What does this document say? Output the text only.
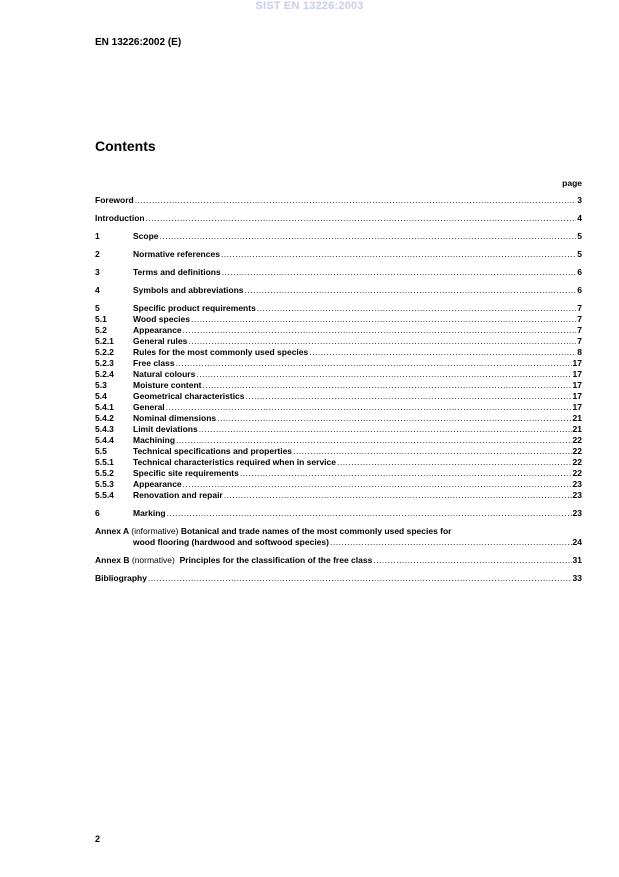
SIST EN 13226:2003
EN 13226:2002 (E)
Contents
page
Foreword .....	3
Introduction .....	4
1	Scope .....	5
2	Normative references .....	5
3	Terms and definitions .....	6
4	Symbols and abbreviations .....	6
5	Specific product requirements .....	7
5.1	Wood species .....	7
5.2	Appearance .....	7
5.2.1	General rules .....	7
5.2.2	Rules for the most commonly used species .....	8
5.2.3	Free class .....	17
5.2.4	Natural colours .....	17
5.3	Moisture content .....	17
5.4	Geometrical characteristics .....	17
5.4.1	General .....	17
5.4.2	Nominal dimensions .....	21
5.4.3	Limit deviations .....	21
5.4.4	Machining .....	22
5.5	Technical specifications and properties .....	22
5.5.1	Technical characteristics required when in service .....	22
5.5.2	Specific site requirements .....	22
5.5.3	Appearance .....	23
5.5.4	Renovation and repair .....	23
6	Marking .....	23
Annex A (informative) Botanical and trade names of the most commonly used species for
wood flooring (hardwood and softwood species) .....	24
Annex B
(normative)
Principles for the classification of the free class .....	31
Bibliography .....	33
2
